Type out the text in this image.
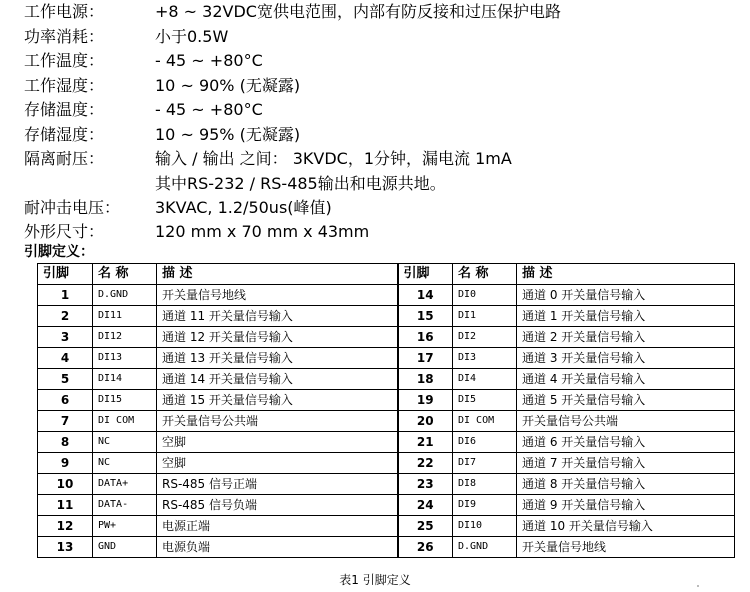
工作电源：	+8 ~ 32VDC宽供电范围，内部有防反接和过压保护电路
功率消耗：	小于0.5W
工作温度：	- 45 ~ +80°C
工作湿度：	10 ~ 90% (无凝露)
存储温度：	- 45 ~ +80°C
存储湿度：	10 ~ 95% (无凝露)
隔离耐压：	输入 / 输出 之间： 3KVDC，1分钟，漏电流 1mA
其中RS-232 / RS-485输出和电源共地。
耐冲击电压：	3KVAC, 1.2/50us(峰值)
外形尺寸：	120 mm x 70 mm x 43mm
引脚定义：
引脚	名 称	描 述	引脚	名 称	描 述
1	D.GND	开关量信号地线	14	DI0	通道 0 开关量信号输入
2	DI11	通道 11 开关量信号输入	15	DI1	通道 1 开关量信号输入
3	DI12	通道 12 开关量信号输入	16	DI2	通道 2 开关量信号输入
4	DI13	通道 13 开关量信号输入	17	DI3	通道 3 开关量信号输入
5	DI14	通道 14 开关量信号输入	18	DI4	通道 4 开关量信号输入
6	DI15	通道 15 开关量信号输入	19	DI5	通道 5 开关量信号输入
7	DI COM	开关量信号公共端	20	DI COM	开关量信号公共端
8	NC	空脚	21	DI6	通道 6 开关量信号输入
9	NC	空脚	22	DI7	通道 7 开关量信号输入
10	DATA+	RS-485 信号正端	23	DI8	通道 8 开关量信号输入
11	DATA-	RS-485 信号负端	24	DI9	通道 9 开关量信号输入
12	PW+	电源正端	25	DI10	通道 10 开关量信号输入
13	GND	电源负端	26	D.GND	开关量信号地线
表1 引脚定义
